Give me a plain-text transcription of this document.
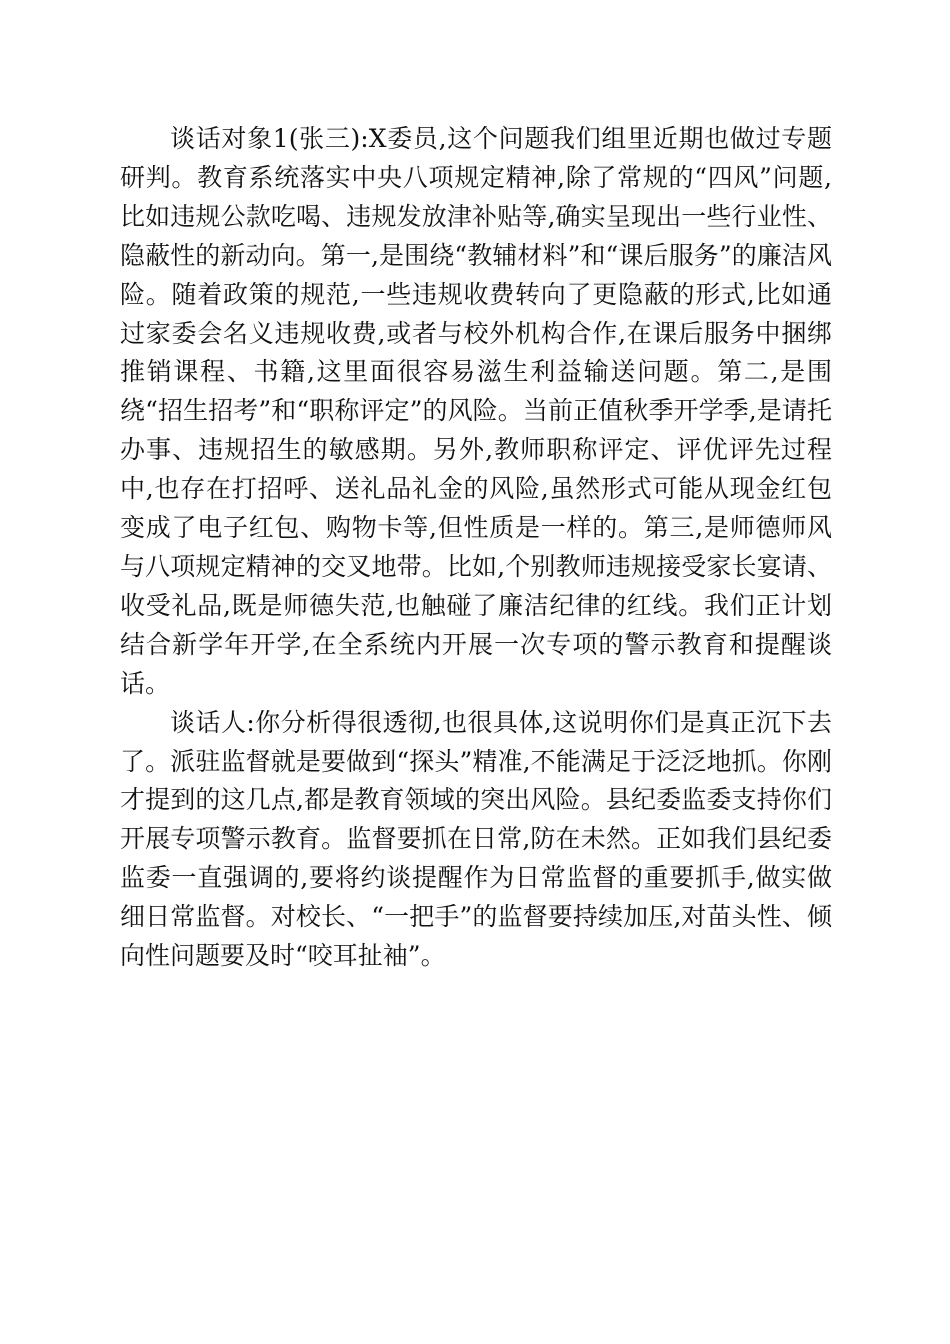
谈话对象1(张三):X委员,这个问题我们组里近期也做过专题研判。教育系统落实中央八项规定精神,除了常规的“四风”问题,比如违规公款吃喝、违规发放津补贴等,确实呈现出一些行业性、隐蔽性的新动向。第一,是围绕“教辅材料”和“课后服务”的廉洁风险。随着政策的规范,一些违规收费转向了更隐蔽的形式,比如通过家委会名义违规收费,或者与校外机构合作,在课后服务中捆绑推销课程、书籍,这里面很容易滋生利益输送问题。第二,是围绕“招生招考”和“职称评定”的风险。当前正值秋季开学季,是请托办事、违规招生的敏感期。另外,教师职称评定、评优评先过程中,也存在打招呼、送礼品礼金的风险,虽然形式可能从现金红包变成了电子红包、购物卡等,但性质是一样的。第三,是师德师风与八项规定精神的交叉地带。比如,个别教师违规接受家长宴请、收受礼品,既是师德失范,也触碰了廉洁纪律的红线。我们正计划结合新学年开学,在全系统内开展一次专项的警示教育和提醒谈话。

谈话人:你分析得很透彻,也很具体,这说明你们是真正沉下去了。派驻监督就是要做到“探头”精准,不能满足于泛泛地抓。你刚才提到的这几点,都是教育领域的突出风险。县纪委监委支持你们开展专项警示教育。监督要抓在日常,防在未然。正如我们县纪委监委一直强调的,要将约谈提醒作为日常监督的重要抓手,做实做细日常监督。对校长、“一把手”的监督要持续加压,对苗头性、倾向性问题要及时“咬耳扯袖”。
